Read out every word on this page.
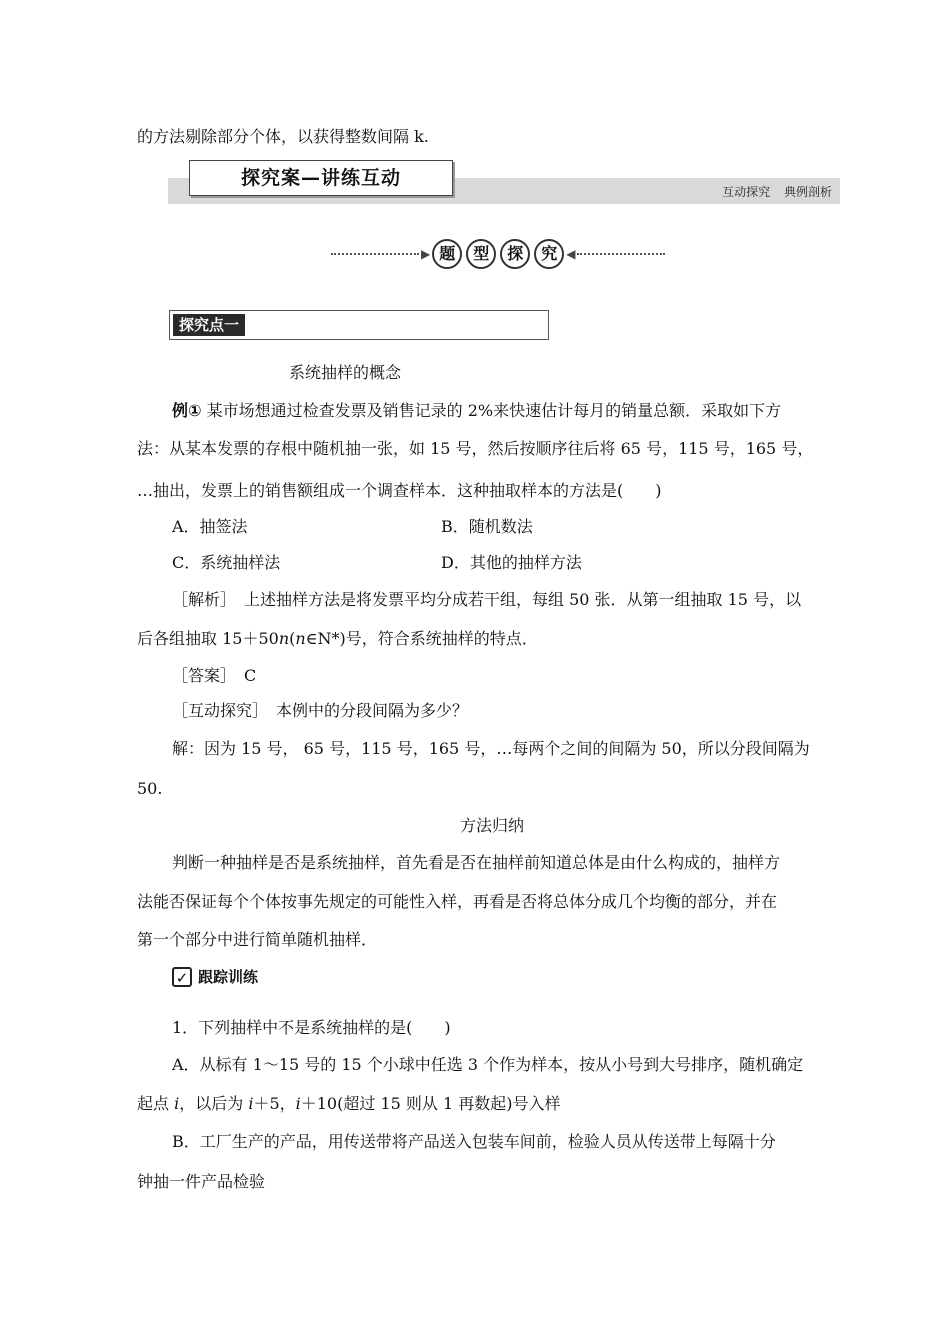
的方法剔除部分个体，以获得整数间隔 k.
探究案—讲练互动
互动探究 典例剖析
▶ 题	型	探	究 ◀
探究点一
系统抽样的概念
例① 某市场想通过检查发票及销售记录的 2%来快速估计每月的销量总额．采取如下方
法：从某本发票的存根中随机抽一张，如 15 号，然后按顺序往后将 65 号，115 号，165 号，
…抽出，发票上的销售额组成一个调查样本．这种抽取样本的方法是(　　)
A．抽签法	B．随机数法
C．系统抽样法	D．其他的抽样方法
［解析］　上述抽样方法是将发票平均分成若干组，每组 50 张．从第一组抽取 15 号，以
后各组抽取 15＋50n(n∈N*)号，符合系统抽样的特点．
［答案］　C
［互动探究］　本例中的分段间隔为多少？
解：因为 15 号， 65 号，115 号，165 号，…每两个之间的间隔为 50，所以分段间隔为
50.
方法归纳
判断一种抽样是否是系统抽样，首先看是否在抽样前知道总体是由什么构成的，抽样方
法能否保证每个个体按事先规定的可能性入样，再看是否将总体分成几个均衡的部分，并在
第一个部分中进行简单随机抽样．
✓ 跟踪训练
1．下列抽样中不是系统抽样的是(　　)
A．从标有 1～15 号的 15 个小球中任选 3 个作为样本，按从小号到大号排序，随机确定
起点 i，以后为 i＋5，i＋10(超过 15 则从 1 再数起)号入样
B．工厂生产的产品，用传送带将产品送入包装车间前，检验人员从传送带上每隔十分
钟抽一件产品检验
